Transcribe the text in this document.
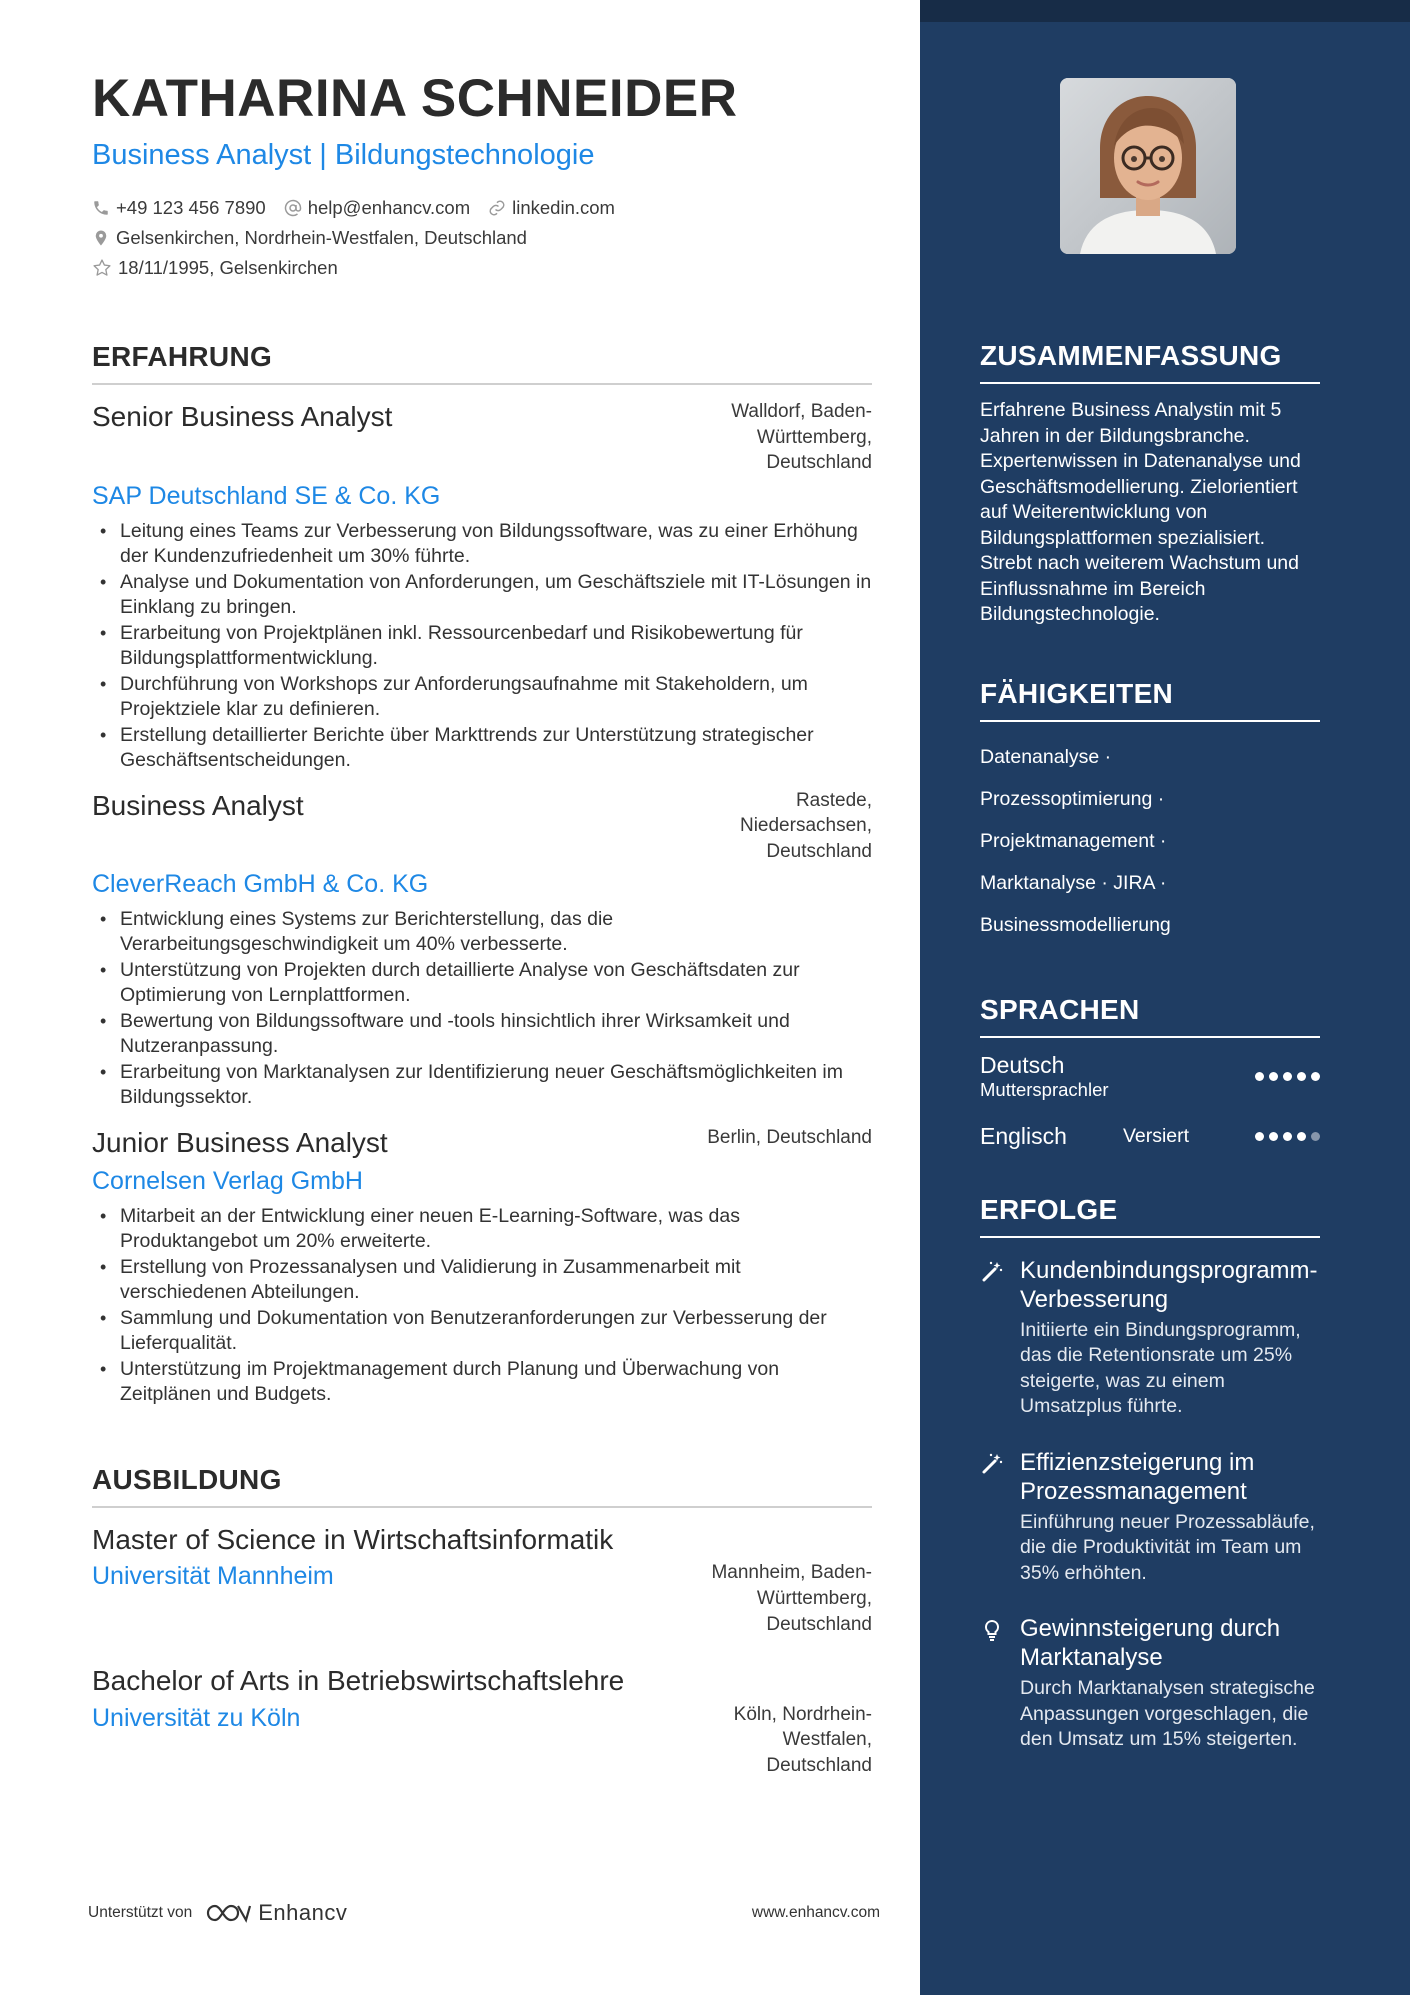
KATHARINA SCHNEIDER
Business Analyst | Bildungstechnologie
+49 123 456 7890 help@enhancv.com linkedin.com
Gelsenkirchen, Nordrhein-Westfalen, Deutschland
18/11/1995, Gelsenkirchen
ERFAHRUNG
Senior Business Analyst	Walldorf, Baden-Württemberg, Deutschland
SAP Deutschland SE & Co. KG
• Leitung eines Teams zur Verbesserung von Bildungssoftware, was zu einer Erhöhung der Kundenzufriedenheit um 30% führte.
• Analyse und Dokumentation von Anforderungen, um Geschäftsziele mit IT-Lösungen in Einklang zu bringen.
• Erarbeitung von Projektplänen inkl. Ressourcenbedarf und Risikobewertung für Bildungsplattformentwicklung.
• Durchführung von Workshops zur Anforderungsaufnahme mit Stakeholdern, um Projektziele klar zu definieren.
• Erstellung detaillierter Berichte über Markttrends zur Unterstützung strategischer Geschäftsentscheidungen.
Business Analyst	Rastede, Niedersachsen, Deutschland
CleverReach GmbH & Co. KG
• Entwicklung eines Systems zur Berichterstellung, das die Verarbeitungsgeschwindigkeit um 40% verbesserte.
• Unterstützung von Projekten durch detaillierte Analyse von Geschäftsdaten zur Optimierung von Lernplattformen.
• Bewertung von Bildungssoftware und -tools hinsichtlich ihrer Wirksamkeit und Nutzeranpassung.
• Erarbeitung von Marktanalysen zur Identifizierung neuer Geschäftsmöglichkeiten im Bildungssektor.
Junior Business Analyst	Berlin, Deutschland
Cornelsen Verlag GmbH
• Mitarbeit an der Entwicklung einer neuen E-Learning-Software, was das Produktangebot um 20% erweiterte.
• Erstellung von Prozessanalysen und Validierung in Zusammenarbeit mit verschiedenen Abteilungen.
• Sammlung und Dokumentation von Benutzeranforderungen zur Verbesserung der Lieferqualität.
• Unterstützung im Projektmanagement durch Planung und Überwachung von Zeitplänen und Budgets.
AUSBILDUNG
Master of Science in Wirtschaftsinformatik
Universität Mannheim	Mannheim, Baden-Württemberg, Deutschland
Bachelor of Arts in Betriebswirtschaftslehre
Universität zu Köln	Köln, Nordrhein-Westfalen, Deutschland
Unterstützt von	Enhancv	www.enhancv.com
ZUSAMMENFASSUNG

Erfahrene Business Analystin mit 5 Jahren in der Bildungsbranche. Expertenwissen in Datenanalyse und Geschäftsmodellierung. Zielorientiert auf Weiterentwicklung von Bildungsplattformen spezialisiert. Strebt nach weiterem Wachstum und Einflussnahme im Bereich Bildungstechnologie.

FÄHIGKEITEN
Datenanalyse ·
Prozessoptimierung ·
Projektmanagement ·
Marktanalyse · JIRA ·
Businessmodellierung
SPRACHEN
Deutsch
Muttersprachler
Englisch	Versiert
ERFOLGE
Kundenbindungsprogramm-Verbesserung
Initiierte ein Bindungsprogramm, das die Retentionsrate um 25% steigerte, was zu einem Umsatzplus führte.
Effizienzsteigerung im Prozessmanagement
Einführung neuer Prozessabläufe, die die Produktivität im Team um 35% erhöhten.
Gewinnsteigerung durch Marktanalyse
Durch Marktanalysen strategische Anpassungen vorgeschlagen, die den Umsatz um 15% steigerten.
